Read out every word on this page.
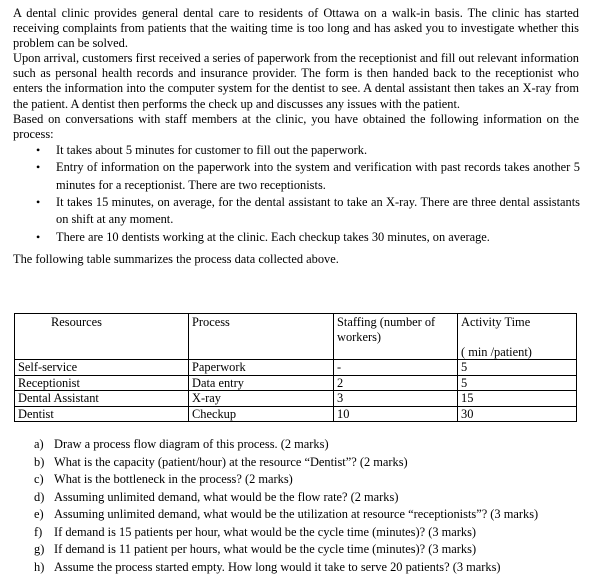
A dental clinic provides general dental care to residents of Ottawa on a walk-in basis. The clinic has started receiving complaints from patients that the waiting time is too long and has asked you to investigate whether this problem can be solved.

Upon arrival, customers first received a series of paperwork from the receptionist and fill out relevant information such as personal health records and insurance provider. The form is then handed back to the receptionist who enters the information into the computer system for the dentist to see. A dental assistant then takes an X-ray from the patient. A dentist then performs the check up and discusses any issues with the patient.

Based on conversations with staff members at the clinic, you have obtained the following information on the process:

• It takes about 5 minutes for customer to fill out the paperwork.
• Entry of information on the paperwork into the system and verification with past records takes another 5 minutes for a receptionist. There are two receptionists.
• It takes 15 minutes, on average, for the dental assistant to take an X-ray. There are three dental assistants on shift at any moment.
• There are 10 dentists working at the clinic. Each checkup takes 30 minutes, on average.

The following table summarizes the process data collected above.

Resources	Process	Staffing (number of workers)	Activity Time
( min /patient)

Self-service	Paperwork	-	5
Receptionist	Data entry	2	5
Dental Assistant	X-ray	3	15
Dentist	Checkup	10	30
a) Draw a process flow diagram of this process. (2 marks)
b) What is the capacity (patient/hour) at the resource “Dentist”? (2 marks)
c) What is the bottleneck in the process? (2 marks)
d) Assuming unlimited demand, what would be the flow rate? (2 marks)
e) Assuming unlimited demand, what would be the utilization at resource “receptionists”? (3 marks)
f) If demand is 15 patients per hour, what would be the cycle time (minutes)? (3 marks)
g) If demand is 11 patient per hours, what would be the cycle time (minutes)? (3 marks)
h) Assume the process started empty. How long would it take to serve 20 patients? (3 marks)
